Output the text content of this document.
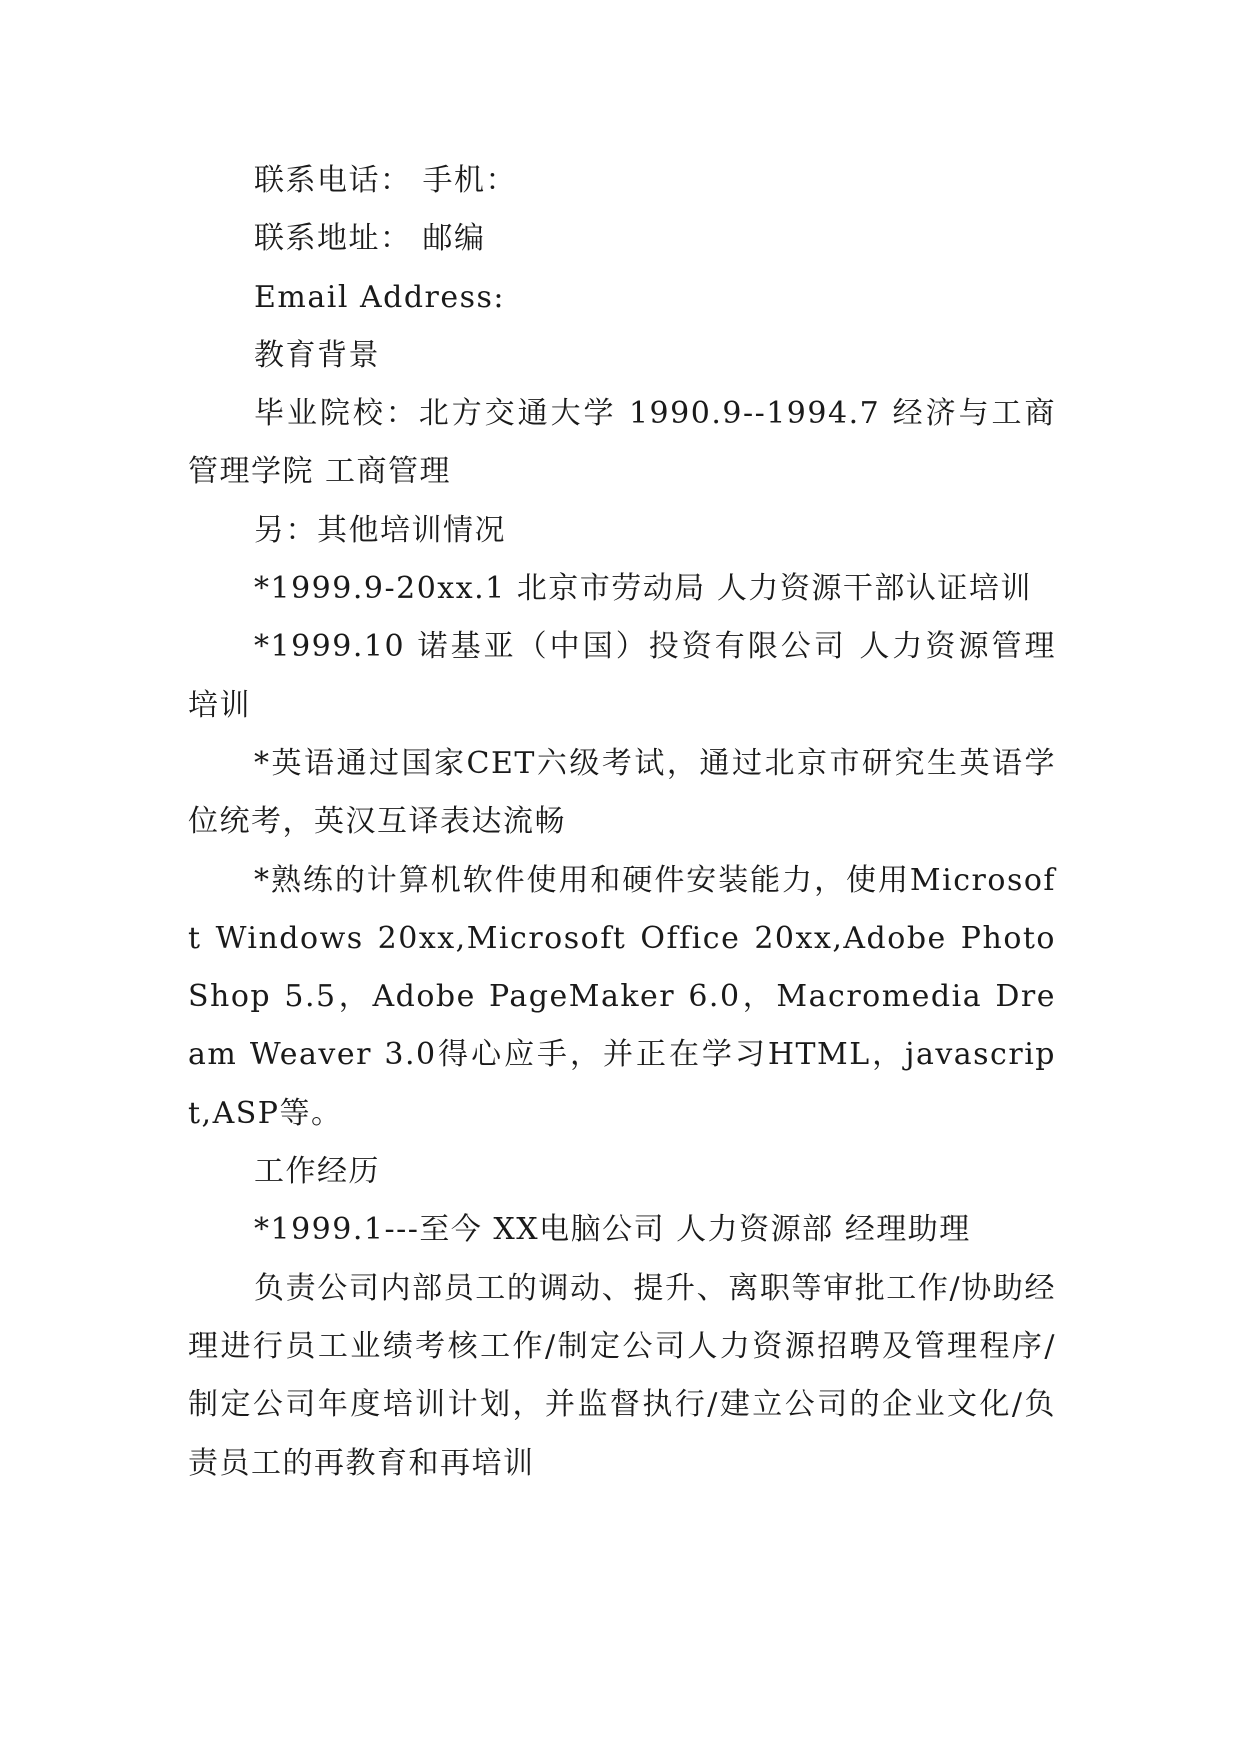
联系电话： 手机：

联系地址： 邮编

Email Address:

教育背景

毕业院校：北方交通大学 1990.9--1994.7 经济与工商管理学院 工商管理

另：其他培训情况

*1999.9-20xx.1 北京市劳动局 人力资源干部认证培训

*1999.10 诺基亚（中国）投资有限公司 人力资源管理培训

*英语通过国家CET六级考试，通过北京市研究生英语学位统考，英汉互译表达流畅

*熟练的计算机软件使用和硬件安装能力，使用Microsoft Windows 20xx,Microsoft Office 20xx,Adobe PhotoShop 5.5，Adobe PageMaker 6.0，Macromedia Dream Weaver 3.0得心应手，并正在学习HTML，javascript,ASP等。

工作经历

*1999.1---至今 XX电脑公司 人力资源部 经理助理

负责公司内部员工的调动、提升、离职等审批工作/协助经理进行员工业绩考核工作/制定公司人力资源招聘及管理程序/制定公司年度培训计划，并监督执行/建立公司的企业文化/负责员工的再教育和再培训
